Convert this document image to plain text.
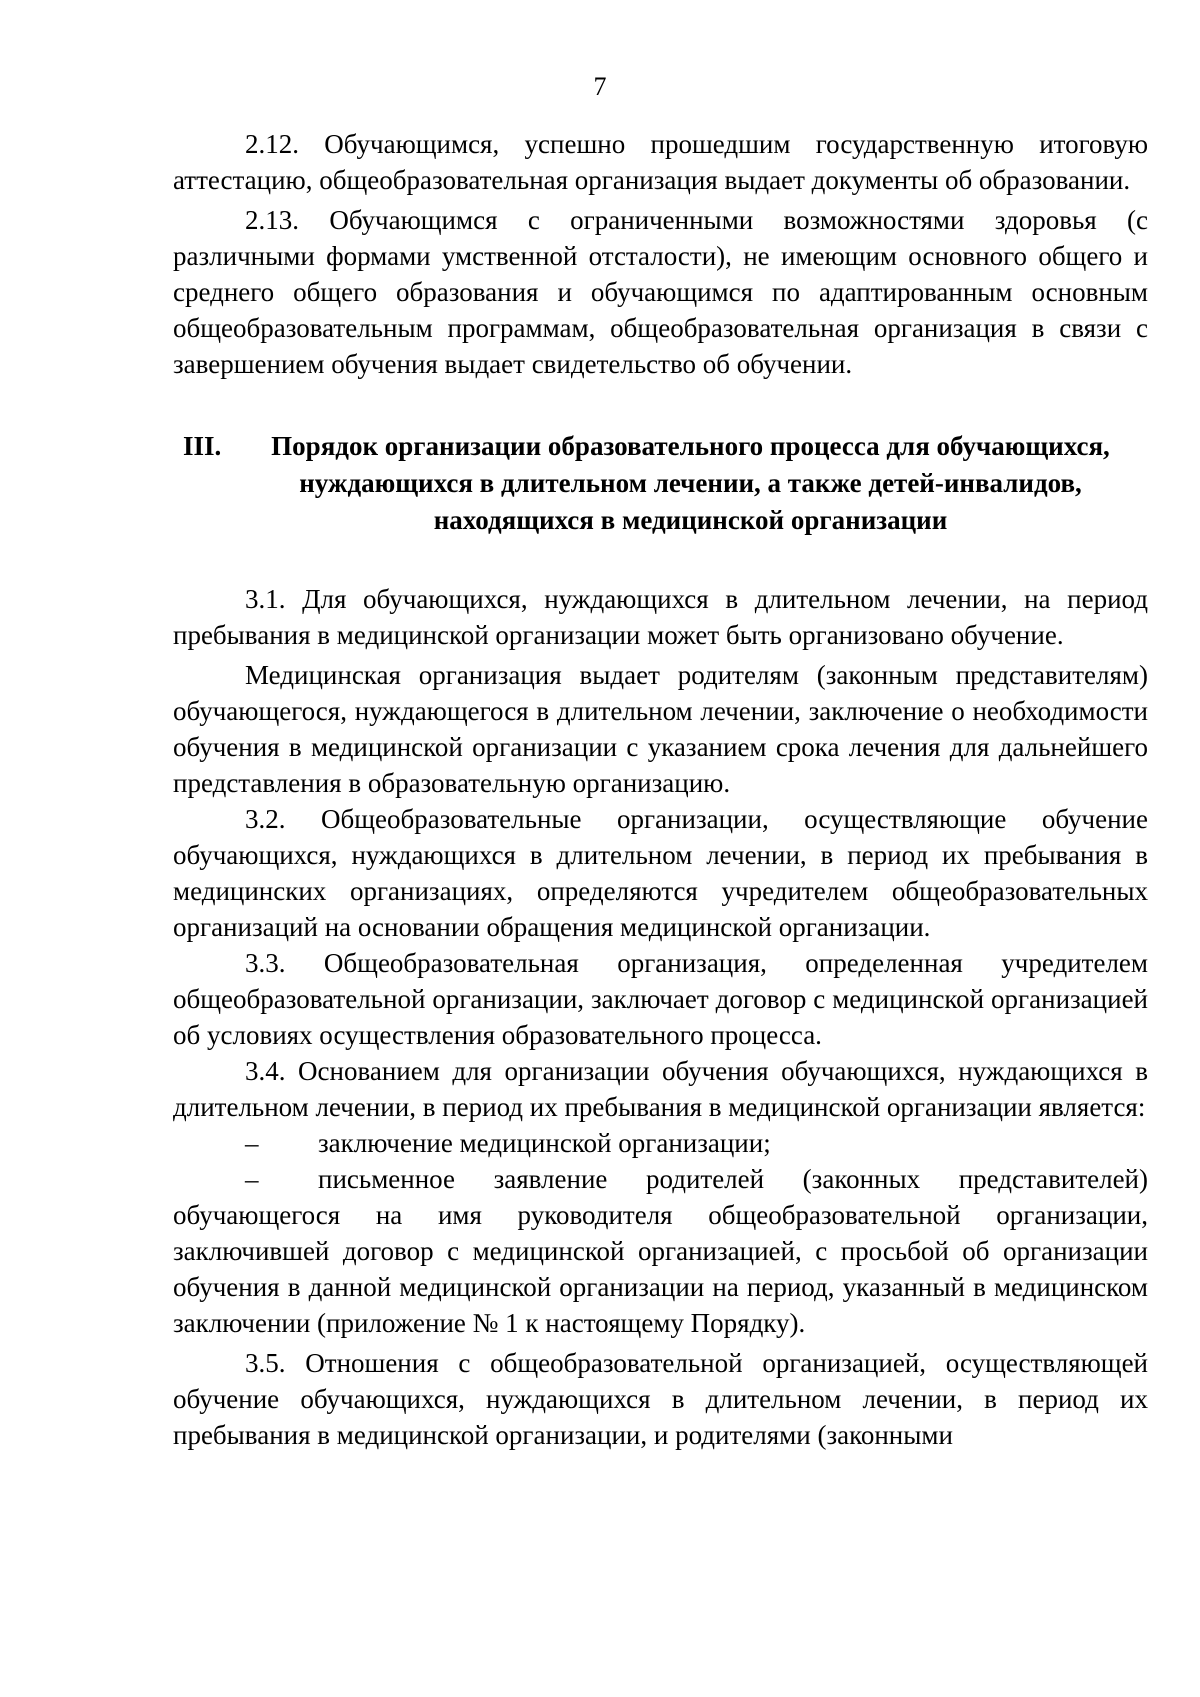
7

2.12. Обучающимся, успешно прошедшим государственную итоговую аттестацию, общеобразовательная организация выдает документы об образовании.

2.13. Обучающимся с ограниченными возможностями здоровья (с различными формами умственной отсталости), не имеющим основного общего и среднего общего образования и обучающимся по адаптированным основным общеобразовательным программам, общеобразовательная организация в связи с завершением обучения выдает свидетельство об обучении.

III.	Порядок организации образовательного процесса для обучающихся, нуждающихся в длительном лечении, а также детей-инвалидов, находящихся в медицинской организации

3.1. Для обучающихся, нуждающихся в длительном лечении, на период пребывания в медицинской организации может быть организовано обучение.

Медицинская организация выдает родителям (законным представителям) обучающегося, нуждающегося в длительном лечении, заключение о необходимости обучения в медицинской организации с указанием срока лечения для дальнейшего представления в образовательную организацию.

3.2. Общеобразовательные организации, осуществляющие обучение обучающихся, нуждающихся в длительном лечении, в период их пребывания в медицинских организациях, определяются учредителем общеобразовательных организаций на основании обращения медицинской организации.

3.3. Общеобразовательная организация, определенная учредителем общеобразовательной организации, заключает договор с медицинской организацией об условиях осуществления образовательного процесса.

3.4. Основанием для организации обучения обучающихся, нуждающихся в длительном лечении, в период их пребывания в медицинской организации является:

– заключение медицинской организации;

– письменное заявление родителей (законных представителей) обучающегося на имя руководителя общеобразовательной организации, заключившей договор с медицинской организацией, с просьбой об организации обучения в данной медицинской организации на период, указанный в медицинском заключении (приложение № 1 к настоящему Порядку).

3.5. Отношения с общеобразовательной организацией, осуществляющей обучение обучающихся, нуждающихся в длительном лечении, в период их пребывания в медицинской организации, и родителями (законными
